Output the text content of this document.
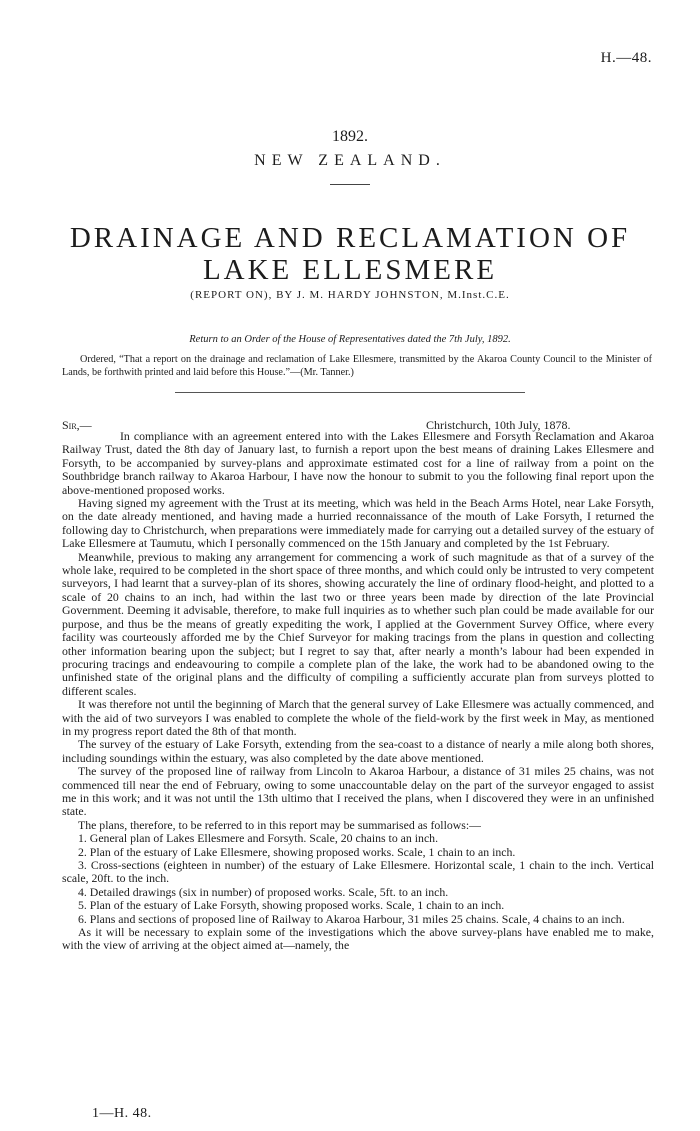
H.—48.
1892.
NEW ZEALAND.
DRAINAGE AND RECLAMATION OF
LAKE ELLESMERE
(REPORT ON), BY J. M. HARDY JOHNSTON, M.Inst.C.E.
Return to an Order of the House of Representatives dated the 7th July, 1892.
Ordered, “That a report on the drainage and reclamation of Lake Ellesmere, transmitted by the Akaroa County Council to the Minister of Lands, be forthwith printed and laid before this House.”—(Mr. Tanner.)
Sir,—	Christchurch, 10th July, 1878.

In compliance with an agreement entered into with the Lakes Ellesmere and Forsyth Reclamation and Akaroa Railway Trust, dated the 8th day of January last, to furnish a report upon the best means of draining Lakes Ellesmere and Forsyth, to be accompanied by survey-plans and approximate estimated cost for a line of railway from a point on the Southbridge branch railway to Akaroa Harbour, I have now the honour to submit to you the following final report upon the above-mentioned proposed works.

Having signed my agreement with the Trust at its meeting, which was held in the Beach Arms Hotel, near Lake Forsyth, on the date already mentioned, and having made a hurried reconnaissance of the mouth of Lake Forsyth, I returned the following day to Christchurch, when preparations were immediately made for carrying out a detailed survey of the estuary of Lake Ellesmere at Taumutu, which I personally commenced on the 15th January and completed by the 1st February.

Meanwhile, previous to making any arrangement for commencing a work of such magnitude as that of a survey of the whole lake, required to be completed in the short space of three months, and which could only be intrusted to very competent surveyors, I had learnt that a survey-plan of its shores, showing accurately the line of ordinary flood-height, and plotted to a scale of 20 chains to an inch, had within the last two or three years been made by direction of the late Provincial Government. Deeming it advisable, therefore, to make full inquiries as to whether such plan could be made available for our purpose, and thus be the means of greatly expediting the work, I applied at the Government Survey Office, where every facility was courteously afforded me by the Chief Surveyor for making tracings from the plans in question and collecting other information bearing upon the subject; but I regret to say that, after nearly a month’s labour had been expended in procuring tracings and endeavouring to compile a complete plan of the lake, the work had to be abandoned owing to the unfinished state of the original plans and the difficulty of compiling a sufficiently accurate plan from surveys plotted to different scales.

It was therefore not until the beginning of March that the general survey of Lake Ellesmere was actually commenced, and with the aid of two surveyors I was enabled to complete the whole of the field-work by the first week in May, as mentioned in my progress report dated the 8th of that month.

The survey of the estuary of Lake Forsyth, extending from the sea-coast to a distance of nearly a mile along both shores, including soundings within the estuary, was also completed by the date above mentioned.

The survey of the proposed line of railway from Lincoln to Akaroa Harbour, a distance of 31 miles 25 chains, was not commenced till near the end of February, owing to some unaccountable delay on the part of the surveyor engaged to assist me in this work; and it was not until the 13th ultimo that I received the plans, when I discovered they were in an unfinished state.

The plans, therefore, to be referred to in this report may be summarised as follows:—

1. General plan of Lakes Ellesmere and Forsyth. Scale, 20 chains to an inch.
2. Plan of the estuary of Lake Ellesmere, showing proposed works. Scale, 1 chain to an inch.
3. Cross-sections (eighteen in number) of the estuary of Lake Ellesmere. Horizontal scale, 1 chain to the inch. Vertical scale, 20ft. to the inch.
4. Detailed drawings (six in number) of proposed works. Scale, 5ft. to an inch.
5. Plan of the estuary of Lake Forsyth, showing proposed works. Scale, 1 chain to an inch.
6. Plans and sections of proposed line of Railway to Akaroa Harbour, 31 miles 25 chains. Scale, 4 chains to an inch.

As it will be necessary to explain some of the investigations which the above survey-plans have enabled me to make, with the view of arriving at the object aimed at—namely, the

1—H. 48.
